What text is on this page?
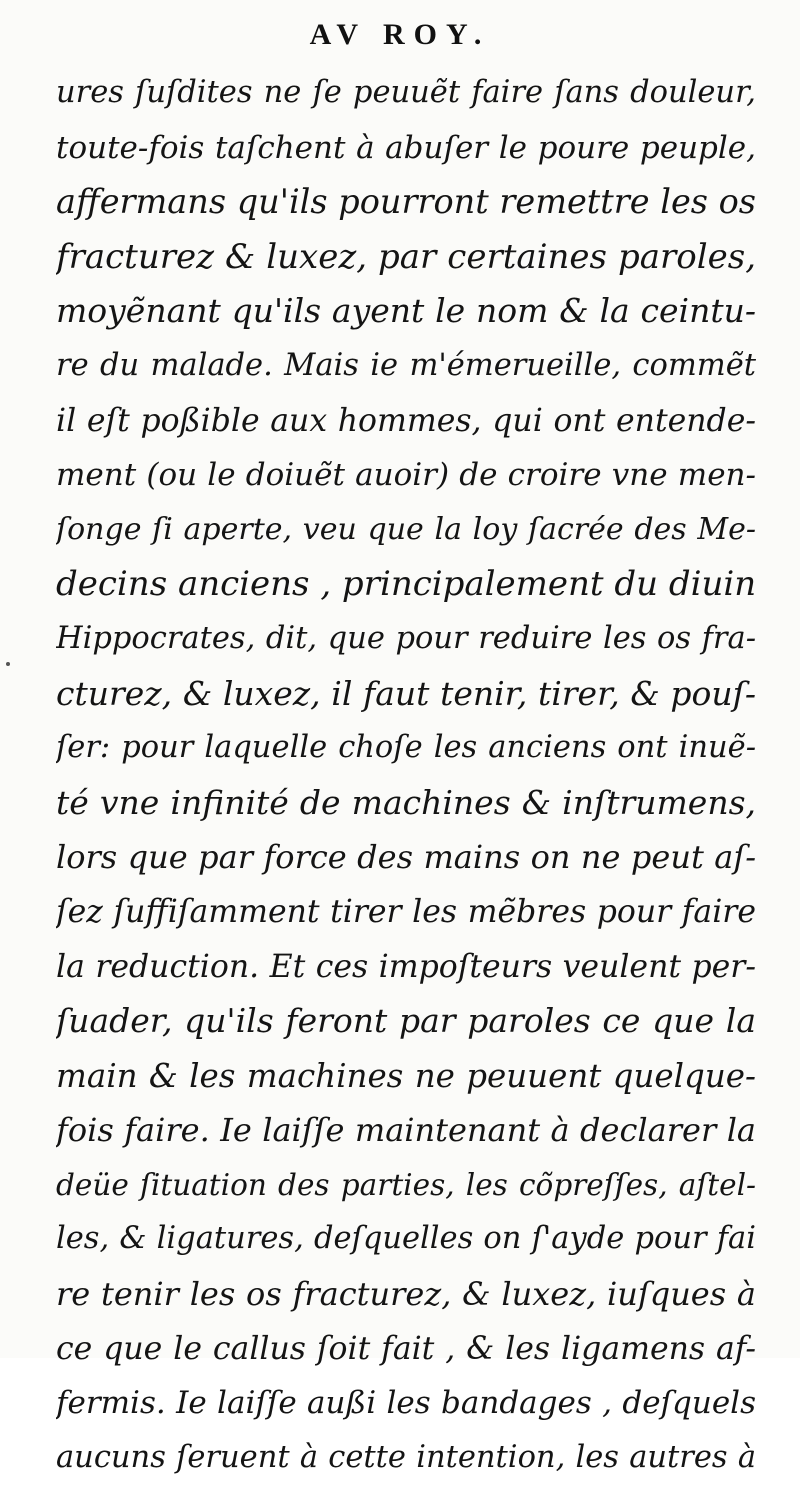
AV ROY.
ures ſuſdites ne ſe peuuẽt faire ſans douleur,
toute-fois taſchent à abuſer le poure peuple,
affermans qu'ils pourront remettre les os
fracturez & luxez, par certaines paroles,
moyẽnant qu'ils ayent le nom & la ceintu-
re du malade. Mais ie m'émerueille, commẽt
il eſt poßible aux hommes, qui ont entende-
ment (ou le doiuẽt auoir) de croire vne men-
ſonge ſi aperte, veu que la loy ſacrée des Me-
decins anciens , principalement du diuin
Hippocrates, dit, que pour reduire les os fra-
cturez, & luxez, il faut tenir, tirer, & pouſ-
ſer: pour laquelle choſe les anciens ont inuẽ-
té vne infinité de machines & inſtrumens,
lors que par force des mains on ne peut aſ-
ſez ſuffiſamment tirer les mẽbres pour faire
la reduction. Et ces impoſteurs veulent per-
ſuader, qu'ils feront par paroles ce que la
main & les machines ne peuuent quelque-
fois faire. Ie laiſſe maintenant à declarer la
deüe ſituation des parties, les cõpreſſes, aſtel-
les, & ligatures, deſquelles on ſ'ayde pour fai
re tenir les os fracturez, & luxez, iuſques à
ce que le callus ſoit fait , & les ligamens af-
fermis. Ie laiſſe außi les bandages , deſquels
aucuns ſeruent à cette intention, les autres à
